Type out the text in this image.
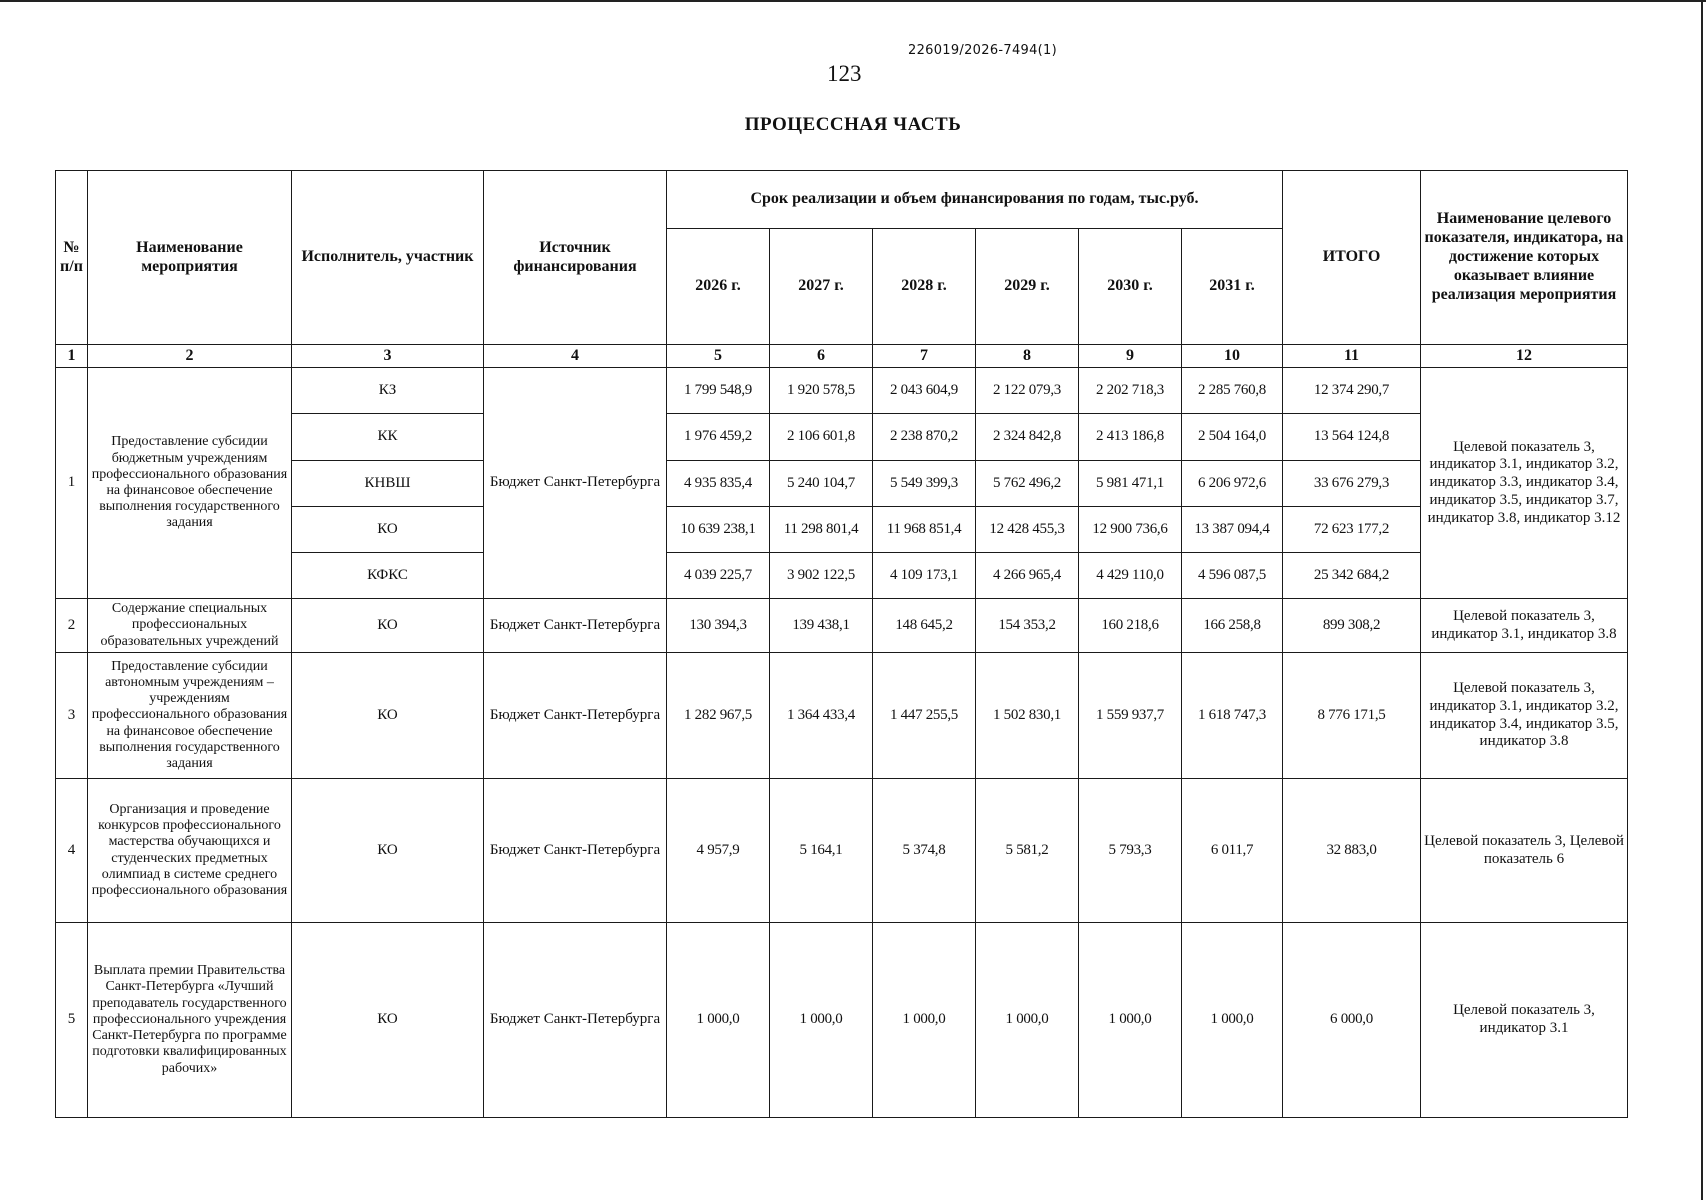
226019/2026-7494(1)
123
ПРОЦЕССНАЯ ЧАСТЬ
№ п/п	Наименование мероприятия	Исполнитель, участник	Источник финансирования	Срок реализации и объем финансирования по годам, тыс.руб.						ИТОГО	Наименование целевого показателя, индикатора, на достижение которых оказывает влияние реализация мероприятия
				2026 г.	2027 г.	2028 г.	2029 г.	2030 г.	2031 г.		
1	2	3	4	5	6	7	8	9	10	11	12
1	Предоставление субсидии бюджетным учреждениям профессионального образования на финансовое обеспечение выполнения государственного задания	КЗ	Бюджет Санкт-Петербурга	1 799 548,9	1 920 578,5	2 043 604,9	2 122 079,3	2 202 718,3	2 285 760,8	12 374 290,7	Целевой показатель 3, индикатор 3.1, индикатор 3.2, индикатор 3.3, индикатор 3.4, индикатор 3.5, индикатор 3.7, индикатор 3.8, индикатор 3.12
		КК		1 976 459,2	2 106 601,8	2 238 870,2	2 324 842,8	2 413 186,8	2 504 164,0	13 564 124,8	
		КНВШ		4 935 835,4	5 240 104,7	5 549 399,3	5 762 496,2	5 981 471,1	6 206 972,6	33 676 279,3	
		КО		10 639 238,1	11 298 801,4	11 968 851,4	12 428 455,3	12 900 736,6	13 387 094,4	72 623 177,2	
		КФКС		4 039 225,7	3 902 122,5	4 109 173,1	4 266 965,4	4 429 110,0	4 596 087,5	25 342 684,2	
2	Содержание специальных профессиональных образовательных учреждений	КО	Бюджет Санкт-Петербурга	130 394,3	139 438,1	148 645,2	154 353,2	160 218,6	166 258,8	899 308,2	Целевой показатель 3, индикатор 3.1, индикатор 3.8
3	Предоставление субсидии автономным учреждениям – учреждениям профессионального образования на финансовое обеспечение выполнения государственного задания	КО	Бюджет Санкт-Петербурга	1 282 967,5	1 364 433,4	1 447 255,5	1 502 830,1	1 559 937,7	1 618 747,3	8 776 171,5	Целевой показатель 3, индикатор 3.1, индикатор 3.2, индикатор 3.4, индикатор 3.5, индикатор 3.8
4	Организация и проведение конкурсов профессионального мастерства обучающихся и студенческих предметных олимпиад в системе среднего профессионального образования	КО	Бюджет Санкт-Петербурга	4 957,9	5 164,1	5 374,8	5 581,2	5 793,3	6 011,7	32 883,0	Целевой показатель 3, Целевой показатель 6
5	Выплата премии Правительства Санкт-Петербурга «Лучший преподаватель государственного профессионального учреждения Санкт-Петербурга по программе подготовки квалифицированных рабочих»	КО	Бюджет Санкт-Петербурга	1 000,0	1 000,0	1 000,0	1 000,0	1 000,0	1 000,0	6 000,0	Целевой показатель 3, индикатор 3.1
